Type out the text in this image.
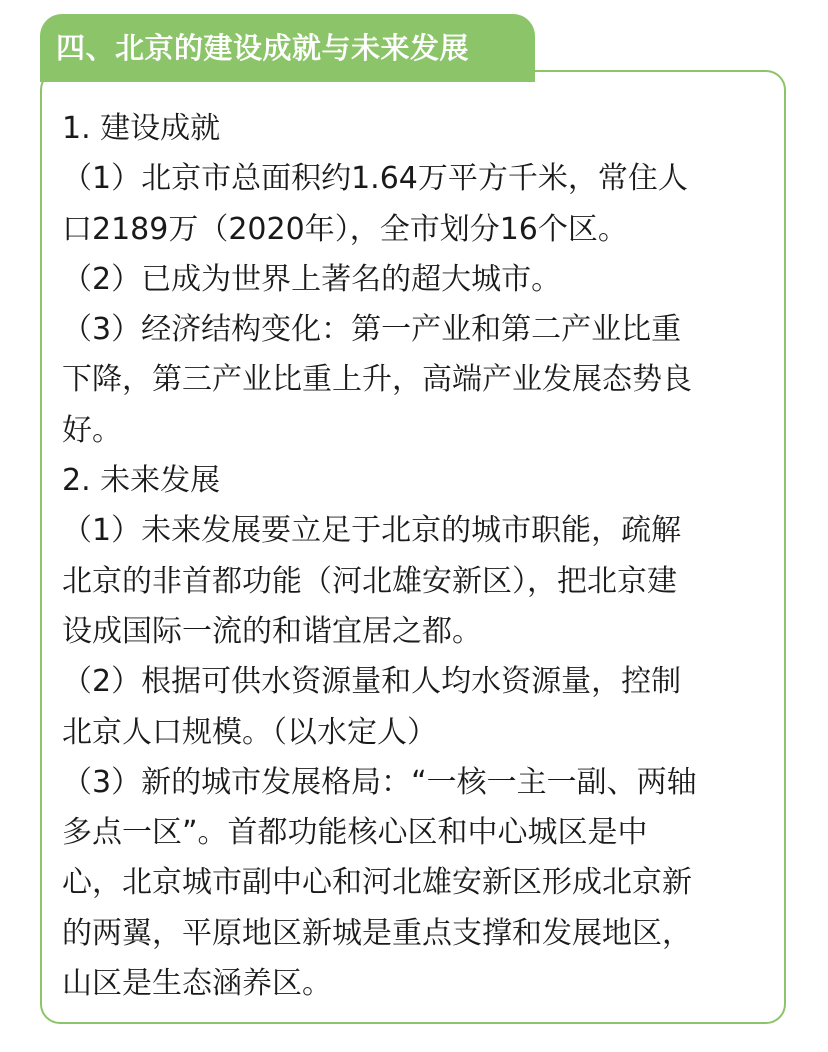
四、北京的建设成就与未来发展
1. 建设成就
（1）北京市总面积约1.64万平方千米，常住人
口2189万（2020年），全市划分16个区。
（2）已成为世界上著名的超大城市。
（3）经济结构变化：第一产业和第二产业比重
下降，第三产业比重上升，高端产业发展态势良
好。
2. 未来发展
（1）未来发展要立足于北京的城市职能，疏解
北京的非首都功能（河北雄安新区），把北京建
设成国际一流的和谐宜居之都。
（2）根据可供水资源量和人均水资源量，控制
北京人口规模。（以水定人）
（3）新的城市发展格局：“一核一主一副、两轴
多点一区”。首都功能核心区和中心城区是中
心，北京城市副中心和河北雄安新区形成北京新
的两翼，平原地区新城是重点支撑和发展地区，
山区是生态涵养区。
